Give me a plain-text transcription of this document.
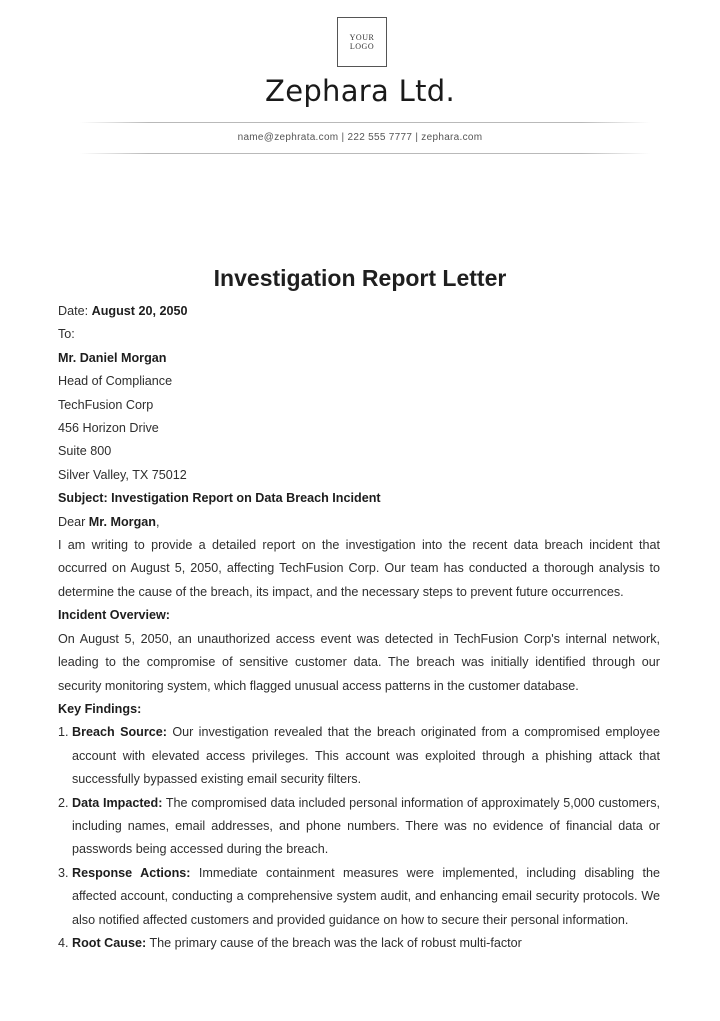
YOUR
LOGO
Zephara Ltd.
name@zephrata.com | 222 555 7777 | zephara.com
Investigation Report Letter

Date: August 20, 2050

To:

Mr. Daniel Morgan

Head of Compliance

TechFusion Corp

456 Horizon Drive

Suite 800

Silver Valley, TX 75012

Subject: Investigation Report on Data Breach Incident

Dear Mr. Morgan,

I am writing to provide a detailed report on the investigation into the recent data breach incident that occurred on August 5, 2050, affecting TechFusion Corp. Our team has conducted a thorough analysis to determine the cause of the breach, its impact, and the necessary steps to prevent future occurrences.

Incident Overview:

On August 5, 2050, an unauthorized access event was detected in TechFusion Corp's internal network, leading to the compromise of sensitive customer data. The breach was initially identified through our security monitoring system, which flagged unusual access patterns in the customer database.

Key Findings:

1. Breach Source: Our investigation revealed that the breach originated from a compromised employee account with elevated access privileges. This account was exploited through a phishing attack that successfully bypassed existing email security filters.
2. Data Impacted: The compromised data included personal information of approximately 5,000 customers, including names, email addresses, and phone numbers. There was no evidence of financial data or passwords being accessed during the breach.
3. Response Actions: Immediate containment measures were implemented, including disabling the affected account, conducting a comprehensive system audit, and enhancing email security protocols. We also notified affected customers and provided guidance on how to secure their personal information.
4. Root Cause: The primary cause of the breach was the lack of robust multi-factor
